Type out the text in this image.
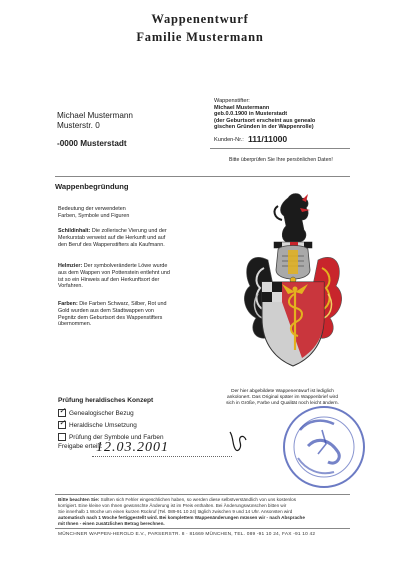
Wappenentwurf
Familie Mustermann
Michael Mustermann
Musterstr. 0
-0000 Musterstadt
Wappenstifter:
Michael Mustermann
geb.0.0.1900 in Musterstadt
(der Geburtsort erscheint aus genealo
gischen Gründen in der Wappenrolle)
Kunden-Nr.: 111/11000
Bitte überprüfen Sie Ihre persönlichen Daten!
Wappenbegründung
Bedeutung der verwendeten
Farben, Symbole und Figuren
Schildinhalt: Die zollerische Vierung und der
Merkurstab verweist auf die Herkunft und auf
den Beruf des Wappenstifters als Kaufmann.
Helmzier: Der symbolveränderte Löwe wurde
aus dem Wappen von Pottenstein entlehnt und
ist so ein Hinweis auf den Herkunftsort der
Vorfahren.
Farben: Die Farben Schwarz, Silber, Rot und
Gold wurden aus dem Stadtwappen von
Pegnitz dem Geburtsort des Wappenstifters
übernommen.
Der hier abgebildete Wappenentwurf ist lediglich
ankolonert. Das Original später im Wappenbrief wird
sich in Größe, Farbe und Qualität noch leicht ändern.
Prüfung heraldisches Konzept
✓ Genealogischer Bezug
✓ Heraldische Umsetzung
Prüfung der Symbole und Farben
Freigabe erteilt:
12.03.2001
Bitte beachten Sie: Sollten sich Fehler eingeschlichen haben, so werden diese selbstverständlich von uns kostenlos
korrigiert. Eine kleine von Ihnen gewünschte Änderung ist im Preis enthalten. Bei Änderungswünschen bitten wir
Sie innerhalb 1 Woche um einen kurzen Rückruf (Tel. 089-91 10 24) täglich zwischen 9 und 14 Uhr. Ansonsten wird
automatisch nach 1 Woche fertiggestellt wird. Bei komplettem Wappenänderungen müssen wir - nach Absprache
mit Ihnen - einen zusätzlichen Betrag berechnen.
MÜNCHNER WAPPEN-HEROLD E.V., PARSERSTR. 8 · 81669 MÜNCHEN, TEL. 089 -91 10 24, FAX -91 10 42
